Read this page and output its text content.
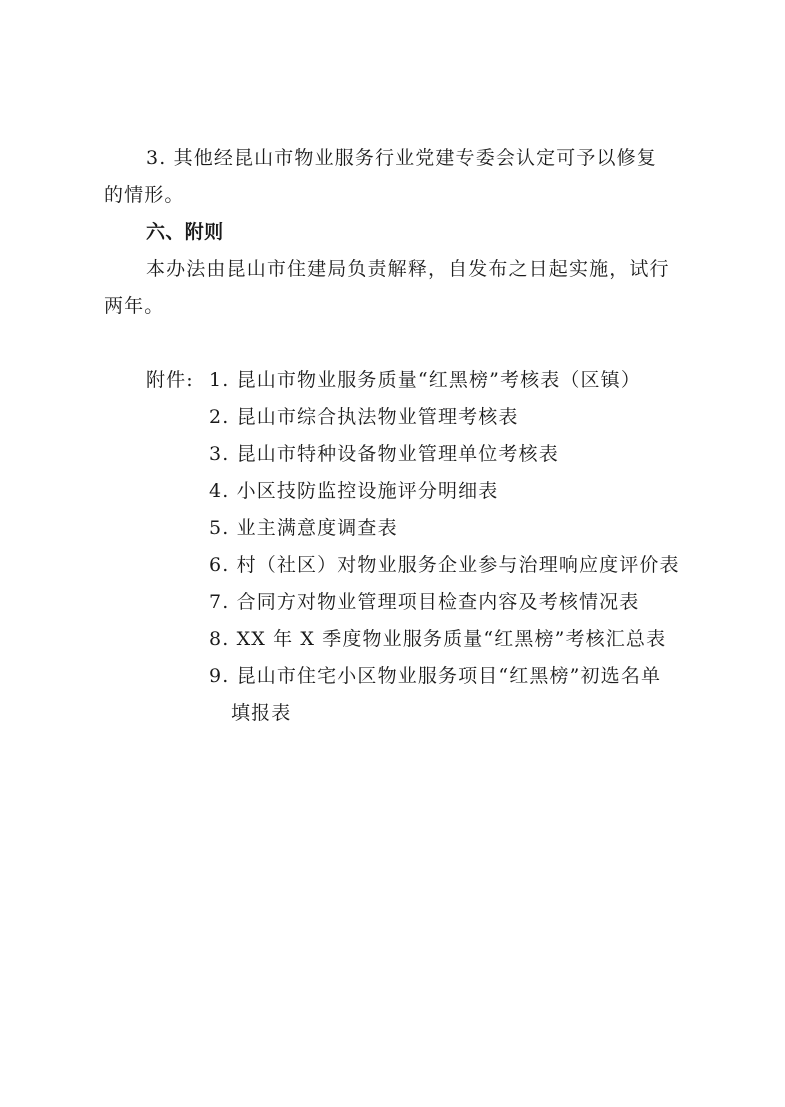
3. 其他经昆山市物业服务行业党建专委会认定可予以修复
的情形。
六、附则
本办法由昆山市住建局负责解释，自发布之日起实施，试行
两年。
附件: 1. 昆山市物业服务质量“红黑榜”考核表（区镇）
2. 昆山市综合执法物业管理考核表
3. 昆山市特种设备物业管理单位考核表
4. 小区技防监控设施评分明细表
5. 业主满意度调查表
6. 村（社区）对物业服务企业参与治理响应度评价表
7. 合同方对物业管理项目检查内容及考核情况表
8. XX 年 X 季度物业服务质量“红黑榜”考核汇总表
9. 昆山市住宅小区物业服务项目“红黑榜”初选名单
填报表
